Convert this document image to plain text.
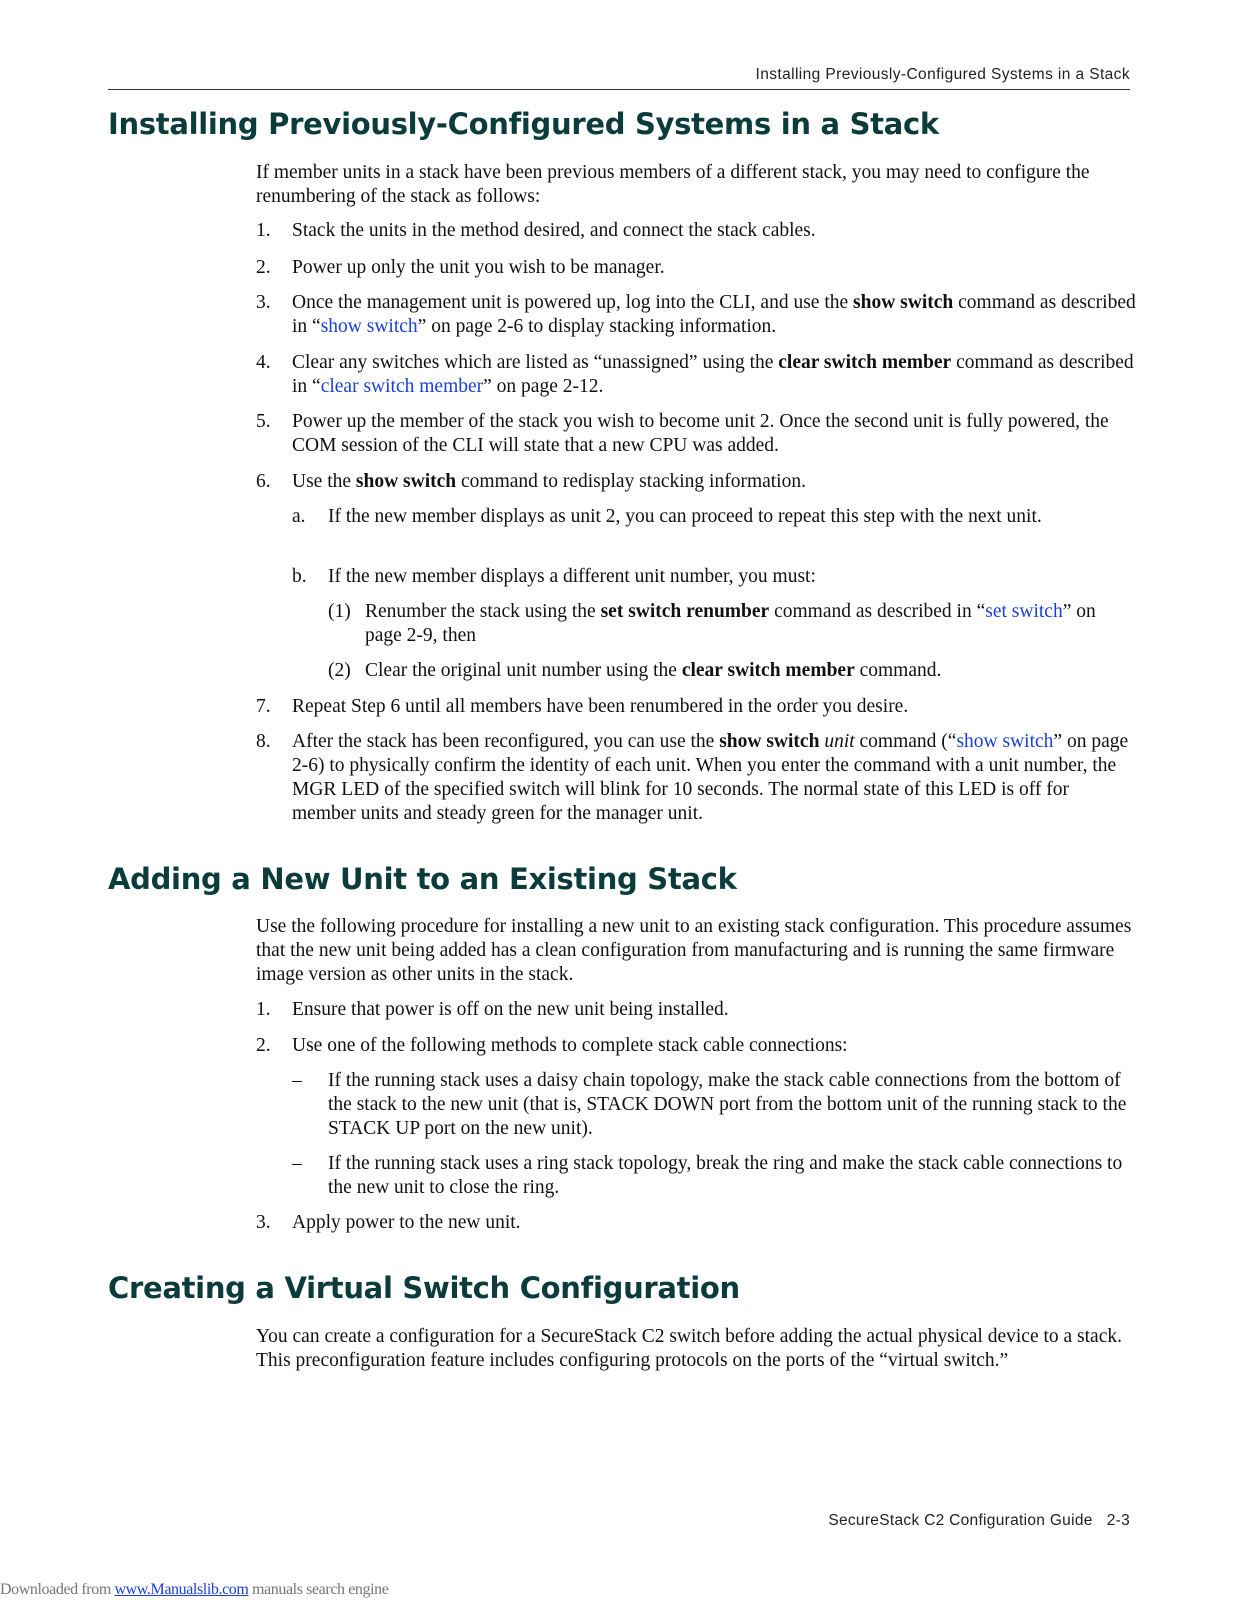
Installing Previously-Configured Systems in a Stack
Installing Previously-Configured Systems in a Stack

If member units in a stack have been previous members of a different stack, you may need to configure the renumbering of the stack as follows:

1. Stack the units in the method desired, and connect the stack cables.
2. Power up only the unit you wish to be manager.
3. Once the management unit is powered up, log into the CLI, and use the show switch command as described in “show switch” on page 2-6 to display stacking information.
4. Clear any switches which are listed as “unassigned” using the clear switch member command as described in “clear switch member” on page 2-12.
5. Power up the member of the stack you wish to become unit 2. Once the second unit is fully powered, the COM session of the CLI will state that a new CPU was added.
6. Use the show switch command to redisplay stacking information.
a. If the new member displays as unit 2, you can proceed to repeat this step with the next unit.
b. If the new member displays a different unit number, you must:
(1) Renumber the stack using the set switch renumber command as described in “set switch” on page 2-9, then
(2) Clear the original unit number using the clear switch member command.
7. Repeat Step 6 until all members have been renumbered in the order you desire.
8. After the stack has been reconfigured, you can use the show switch unit command (“show switch” on page 2-6) to physically confirm the identity of each unit. When you enter the command with a unit number, the MGR LED of the specified switch will blink for 10 seconds. The normal state of this LED is off for member units and steady green for the manager unit.
Adding a New Unit to an Existing Stack

Use the following procedure for installing a new unit to an existing stack configuration. This procedure assumes that the new unit being added has a clean configuration from manufacturing and is running the same firmware image version as other units in the stack.

1. Ensure that power is off on the new unit being installed.
2. Use one of the following methods to complete stack cable connections:
– If the running stack uses a daisy chain topology, make the stack cable connections from the bottom of the stack to the new unit (that is, STACK DOWN port from the bottom unit of the running stack to the STACK UP port on the new unit).
– If the running stack uses a ring stack topology, break the ring and make the stack cable connections to the new unit to close the ring.
3. Apply power to the new unit.
Creating a Virtual Switch Configuration

You can create a configuration for a SecureStack C2 switch before adding the actual physical device to a stack. This preconfiguration feature includes configuring protocols on the ports of the “virtual switch.”

SecureStack C2 Configuration Guide 2-3
Downloaded from www.Manualslib.com manuals search engine
